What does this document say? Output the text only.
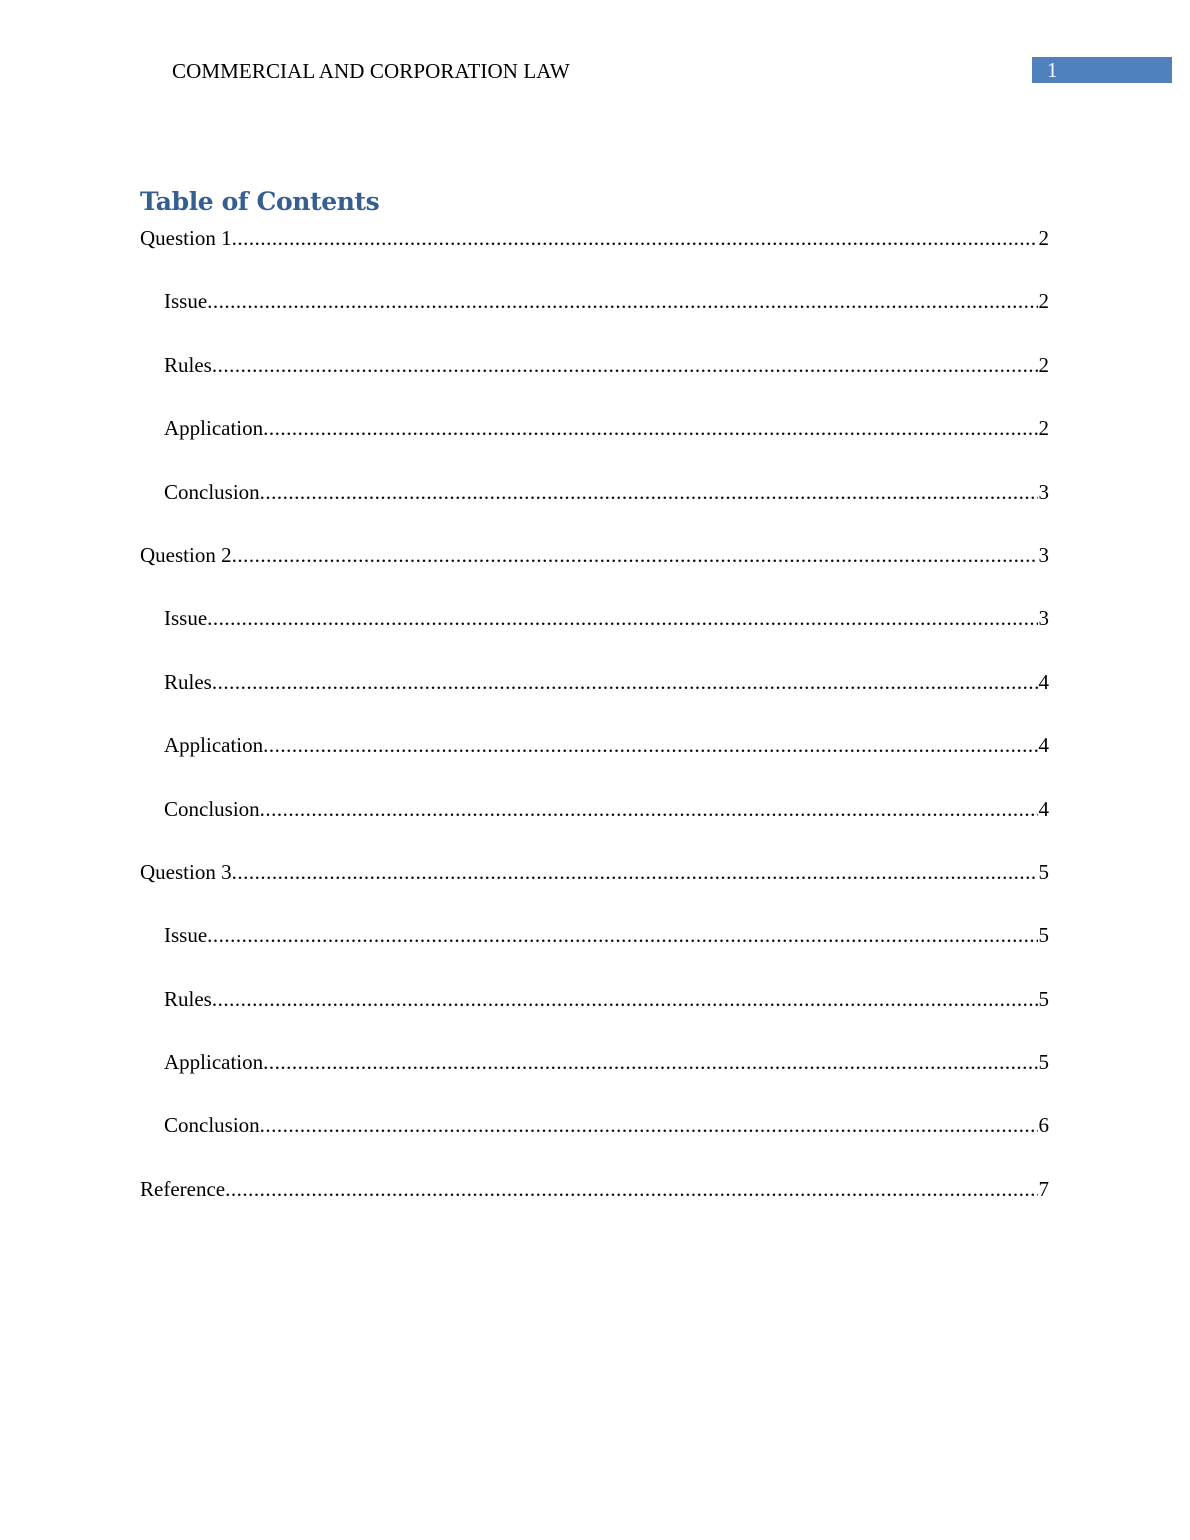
COMMERCIAL AND CORPORATION LAW	1
Table of Contents
Question 1 .....	2
Issue .....	2
Rules .....	2
Application .....	2
Conclusion .....	3
Question 2 .....	3
Issue .....	3
Rules .....	4
Application .....	4
Conclusion .....	4
Question 3 .....	5
Issue .....	5
Rules .....	5
Application .....	5
Conclusion .....	6
Reference .....	7
